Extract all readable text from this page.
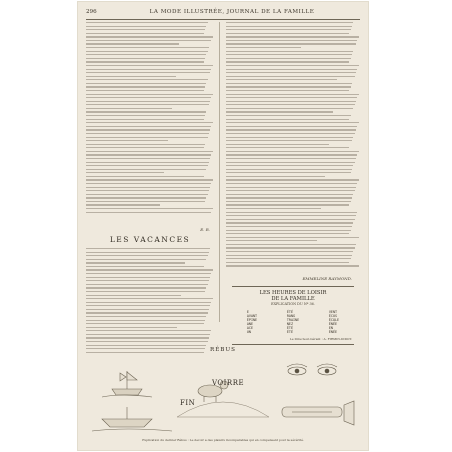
296	LA MODE ILLUSTRÉE, JOURNAL DE LA FAMILLE
LES VACANCES
E. R.
EMMELINE RAYMOND.
LES HEURES DE LOISIR
DE LA FAMILLE
EXPLICATION DU Nº 36.
E
AVANT
ÉPINE
ANE
ACE
UN
ÉTÉ
RANG
TRAINE
NEZ
ÉTÉ
ÉTÉ
VENT
ÉCUS
ÉCOLE
ÉNÉE
EN
ÉNÉE
Le Directeur-Gérant : A. FIRMIN-DIDOT.
RÉBUS
VOIRRE
FIN
Explication du dernier Rébus : Le devoir a des plaisirs incomparables qui en compensent pour la sévérité.
